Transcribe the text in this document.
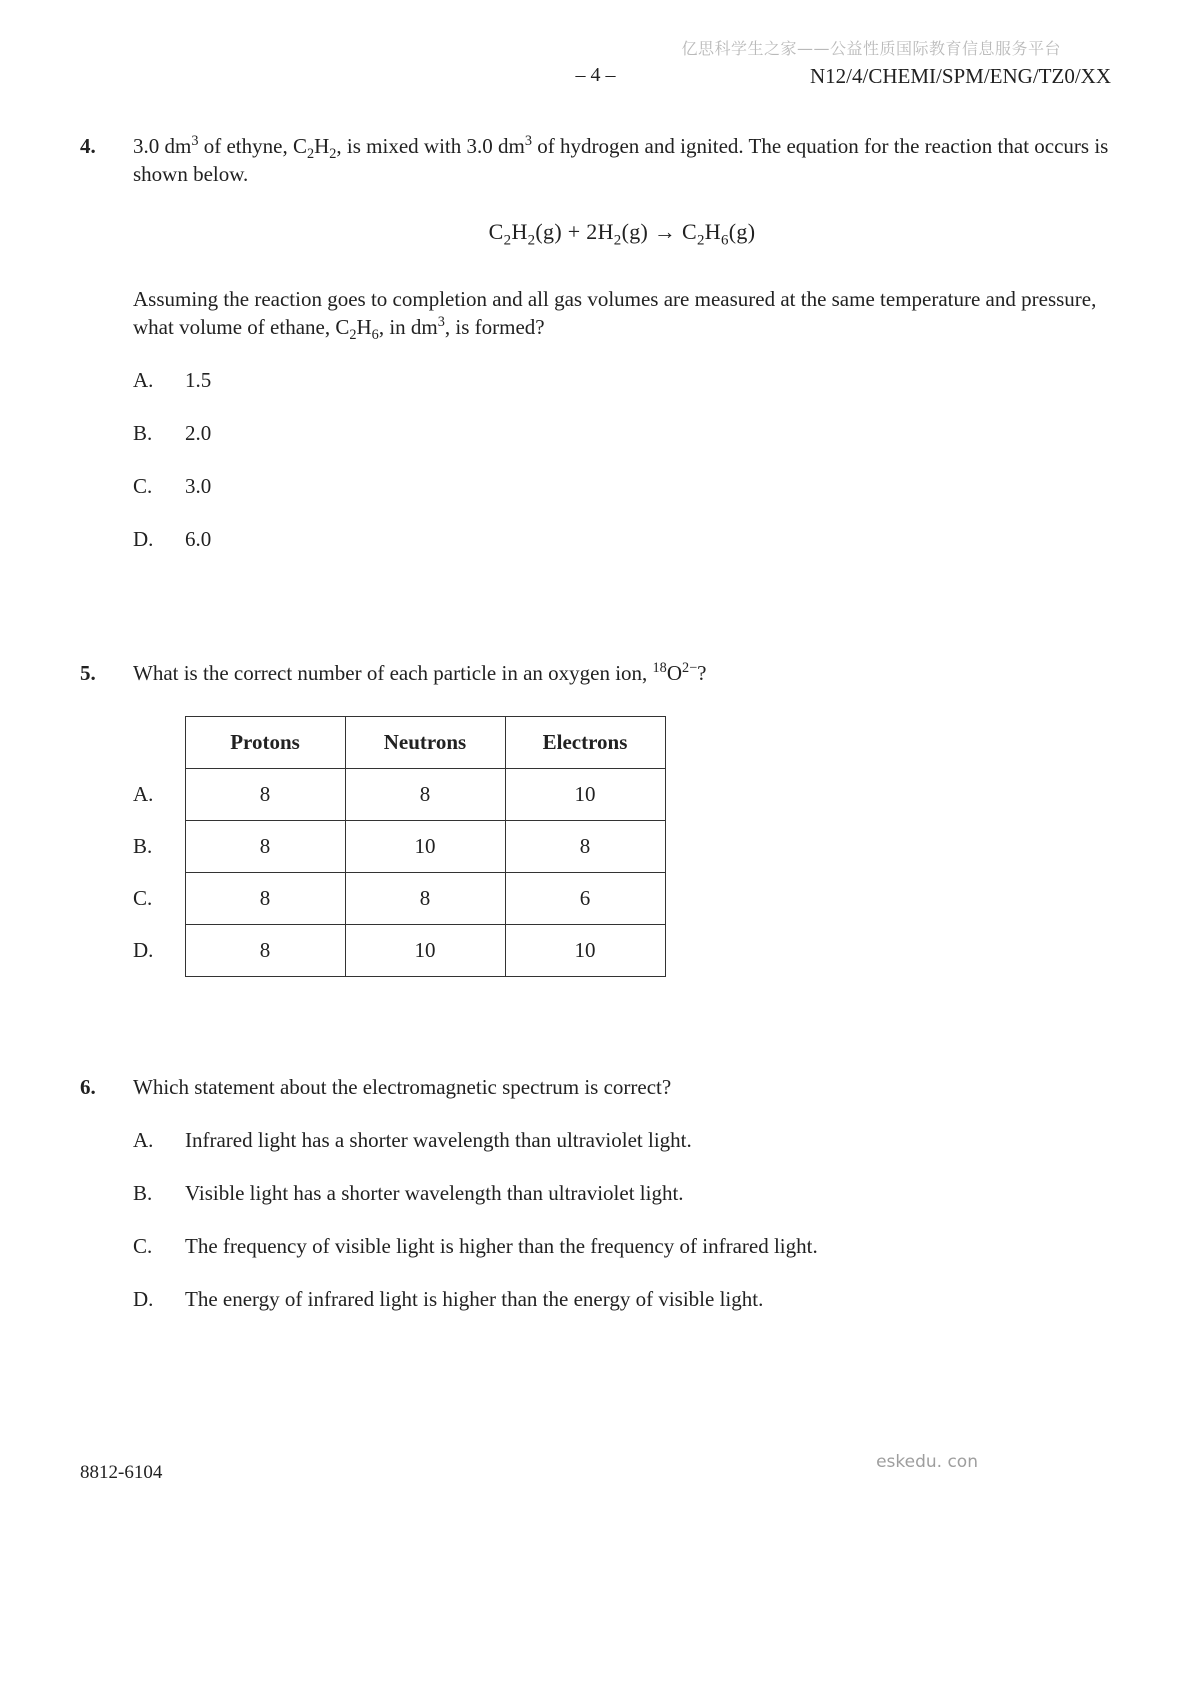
亿思科学生之家——公益性质国际教育信息服务平台
– 4 –	N12/4/CHEMI/SPM/ENG/TZ0/XX
4.	3.0 $dm^3$ of ethyne, $C_2H_2$, is mixed with 3.0 $dm^3$ of hydrogen and ignited. The equation for the reaction that occurs is shown below.

$C_2H_2(g) + 2H_2(g) \to C_2H_6(g)$

Assuming the reaction goes to completion and all gas volumes are measured at the same temperature and pressure, what volume of ethane, $C_2H_6$, in $dm^3$, is formed?

A.	1.5
B.	2.0
C.	3.0
D.	6.0
5.	What is the correct number of each particle in an oxygen ion, $^{18}O^{2-}$?

	Protons	Neutrons	Electrons
A.	8	8	10
B.	8	10	8
C.	8	8	6
D.	8	10	10
6.	Which statement about the electromagnetic spectrum is correct?

A.	Infrared light has a shorter wavelength than ultraviolet light.
B.	Visible light has a shorter wavelength than ultraviolet light.
C.	The frequency of visible light is higher than the frequency of infrared light.
D.	The energy of infrared light is higher than the energy of visible light.
8812-6104	eskedu. con
